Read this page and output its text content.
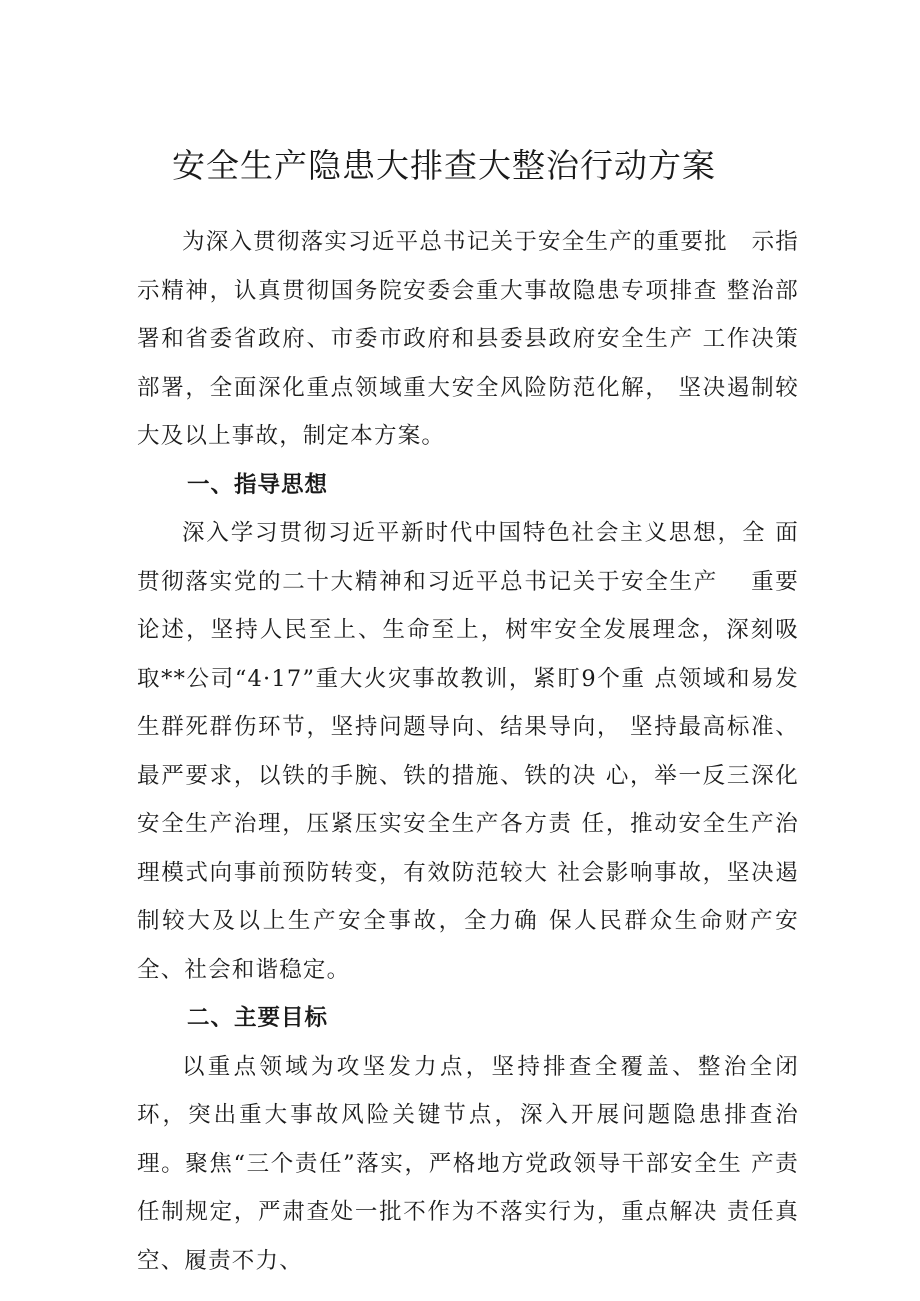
安全生产隐患大排查大整治行动方案

为深入贯彻落实习近平总书记关于安全生产的重要批　示指示精神，认真贯彻国务院安委会重大事故隐患专项排查 整治部署和省委省政府、市委市政府和县委县政府安全生产 工作决策部署，全面深化重点领域重大安全风险防范化解， 坚决遏制较大及以上事故，制定本方案。

一、指导思想

深入学习贯彻习近平新时代中国特色社会主义思想，全 面贯彻落实党的二十大精神和习近平总书记关于安全生产　 重要论述，坚持人民至上、生命至上，树牢安全发展理念，深刻吸取**公司“4·17”重大火灾事故教训，紧盯9个重 点领域和易发生群死群伤环节，坚持问题导向、结果导向， 坚持最高标准、最严要求，以铁的手腕、铁的措施、铁的决 心，举一反三深化安全生产治理，压紧压实安全生产各方责 任，推动安全生产治理模式向事前预防转变，有效防范较大 社会影响事故，坚决遏制较大及以上生产安全事故，全力确 保人民群众生命财产安全、社会和谐稳定。

二、主要目标

以重点领域为攻坚发力点，坚持排查全覆盖、整治全闭　 环，突出重大事故风险关键节点，深入开展问题隐患排查治 理。聚焦“三个责任”落实，严格地方党政领导干部安全生 产责任制规定，严肃查处一批不作为不落实行为，重点解决 责任真空、履责不力、
